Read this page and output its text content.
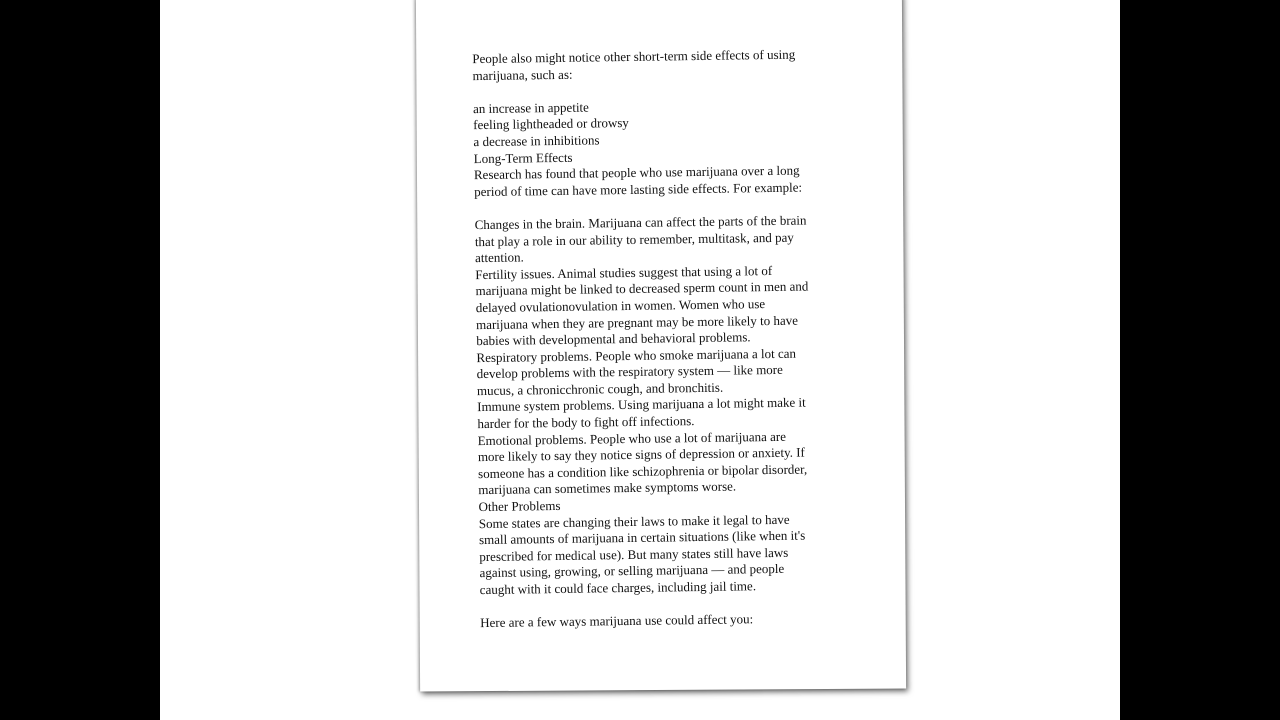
People also might notice other short-term side effects of using
marijuana, such as:
an increase in appetite
feeling lightheaded or drowsy
a decrease in inhibitions
Long-Term Effects
Research has found that people who use marijuana over a long
period of time can have more lasting side effects. For example:
Changes in the brain. Marijuana can affect the parts of the brain
that play a role in our ability to remember, multitask, and pay
attention.
Fertility issues. Animal studies suggest that using a lot of
marijuana might be linked to decreased sperm count in men and
delayed ovulationovulation in women. Women who use
marijuana when they are pregnant may be more likely to have
babies with developmental and behavioral problems.
Respiratory problems. People who smoke marijuana a lot can
develop problems with the respiratory system — like more
mucus, a chronicchronic cough, and bronchitis.
Immune system problems. Using marijuana a lot might make it
harder for the body to fight off infections.
Emotional problems. People who use a lot of marijuana are
more likely to say they notice signs of depression or anxiety. If
someone has a condition like schizophrenia or bipolar disorder,
marijuana can sometimes make symptoms worse.
Other Problems
Some states are changing their laws to make it legal to have
small amounts of marijuana in certain situations (like when it's
prescribed for medical use). But many states still have laws
against using, growing, or selling marijuana — and people
caught with it could face charges, including jail time.
Here are a few ways marijuana use could affect you:
